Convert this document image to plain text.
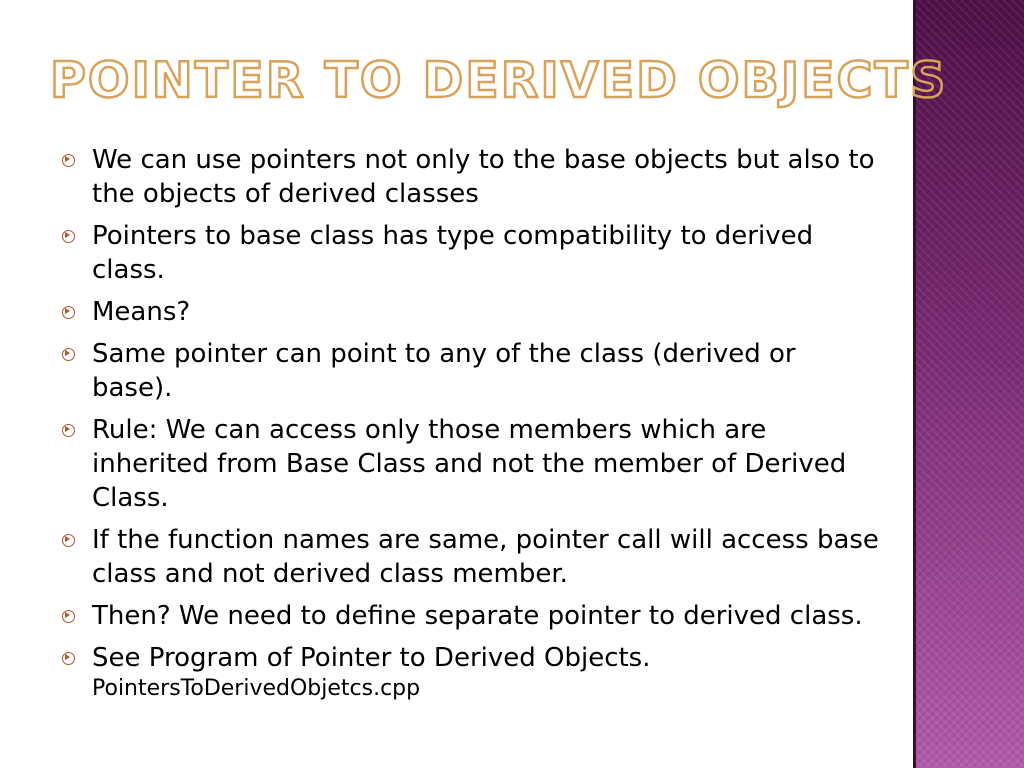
POINTER TO DERIVED OBJECTS
We can use pointers not only to the base objects but also to the objects of derived classes
Pointers to base class has type compatibility to derived class.
Means?
Same pointer can point to any of the class (derived or base).
Rule: We can access only those members which are inherited from Base Class and not the member of Derived Class.
If the function names are same, pointer call will access base class and not derived class member.
Then? We need to define separate pointer to derived class.
See Program of Pointer to Derived Objects.
PointersToDerivedObjetcs.cpp
